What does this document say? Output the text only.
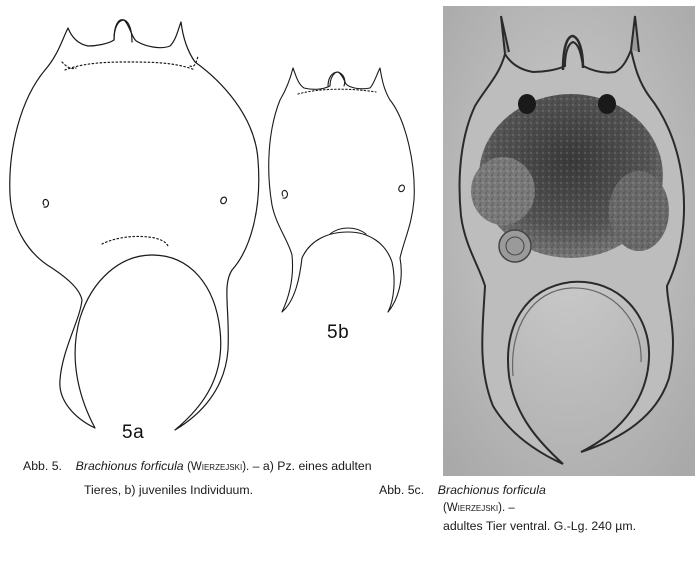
5a
5b
Abb. 5. Brachionus forficula (Wierzejski). – a) Pz. eines adulten
Tieres, b) juveniles Individuum.	Abb. 5c. Brachionus forficula
(Wierzejski). –
adultes Tier ventral. G.-Lg. 240 µm.
